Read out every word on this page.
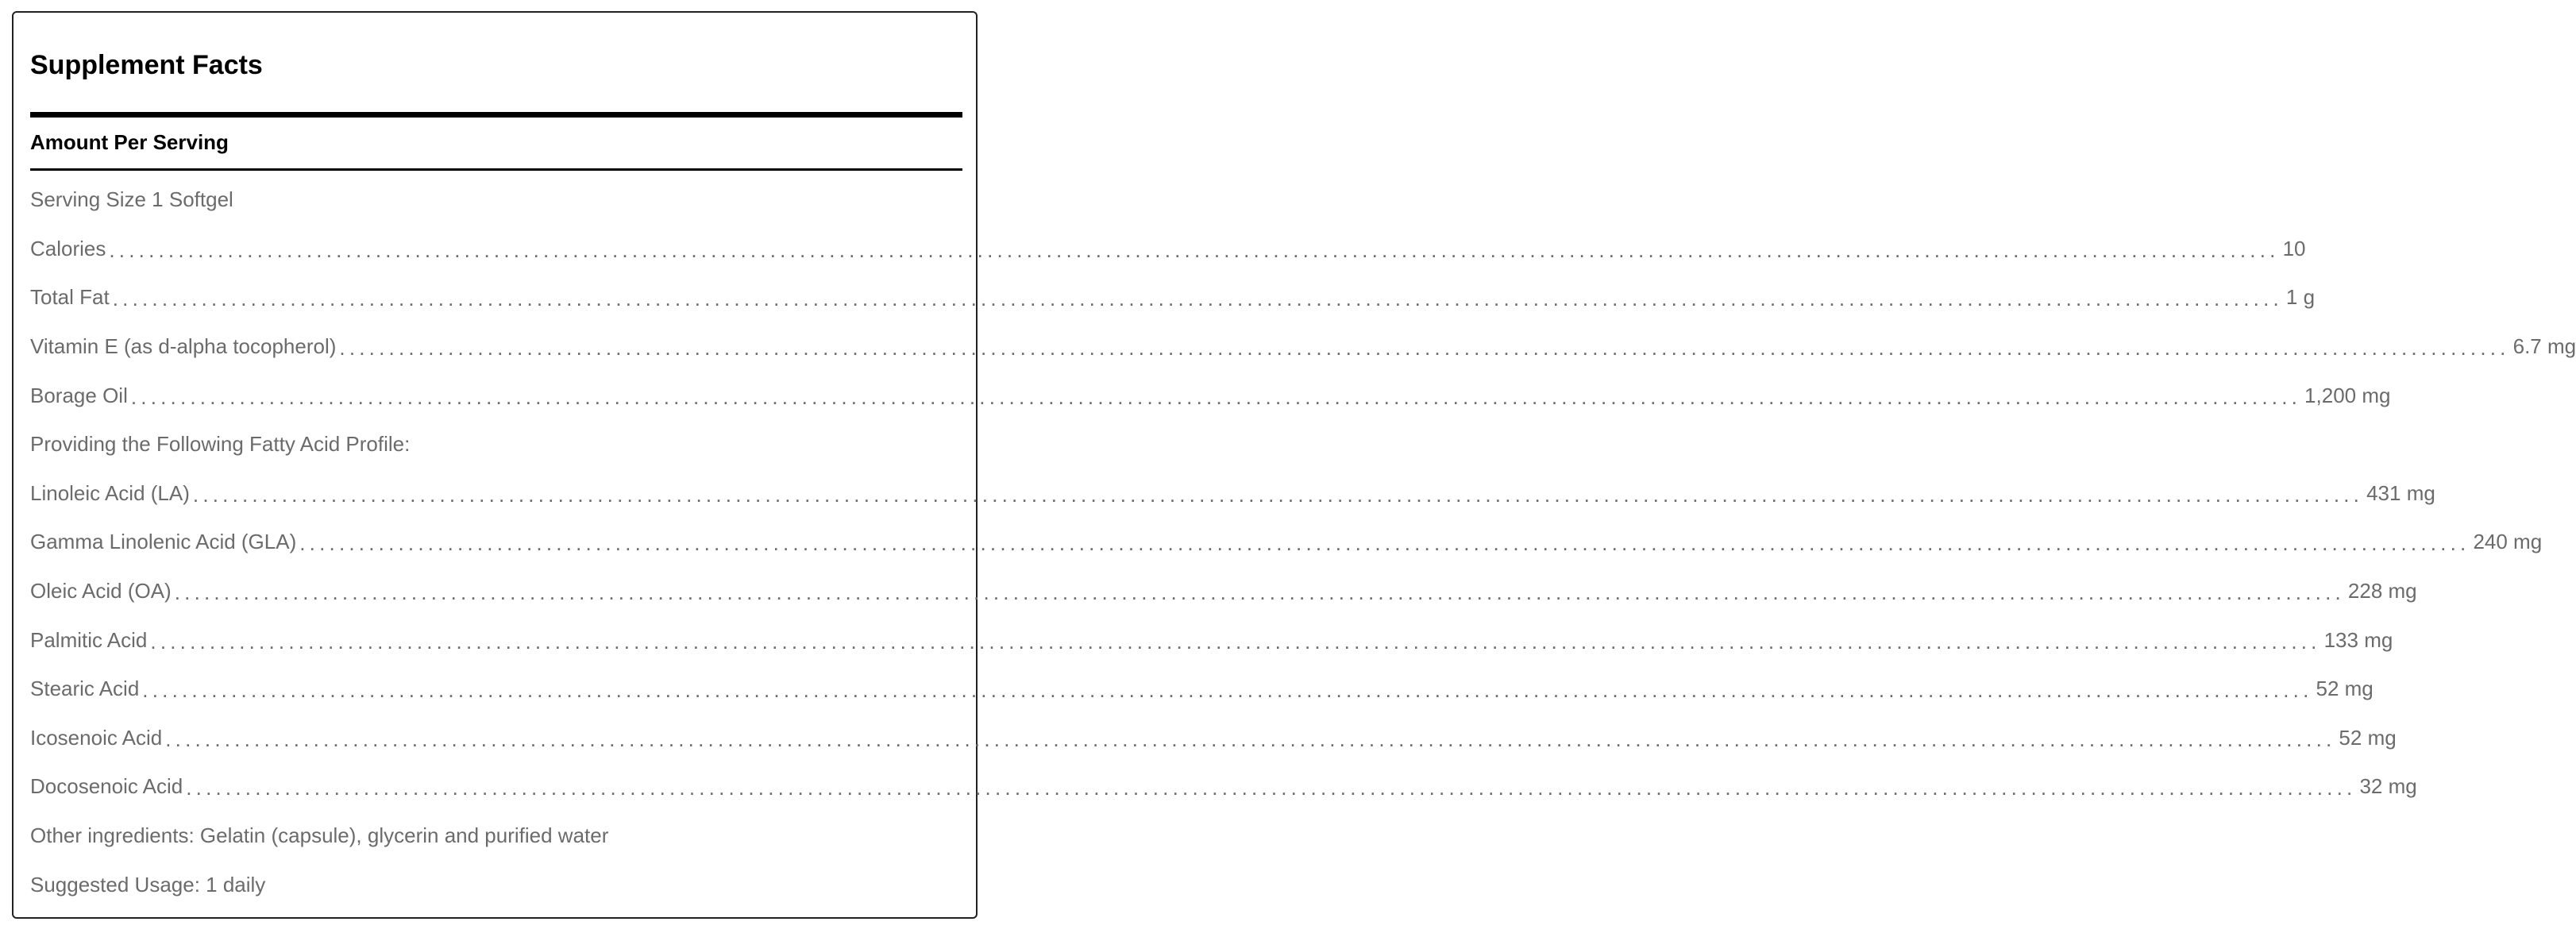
Supplement Facts
Amount Per Serving
Serving Size 1 Softgel
Calories ............................................................................................................................................................................................................................ 10
Total Fat ............................................................................................................................................................................................................................ 1 g
Vitamin E (as d-alpha tocopherol) ............................................................................................................................................................................................................................ 6.7 mg
Borage Oil ............................................................................................................................................................................................................................ 1,200 mg
Providing the Following Fatty Acid Profile:
Linoleic Acid (LA) ............................................................................................................................................................................................................................ 431 mg
Gamma Linolenic Acid (GLA) ............................................................................................................................................................................................................................ 240 mg
Oleic Acid (OA) ............................................................................................................................................................................................................................ 228 mg
Palmitic Acid ............................................................................................................................................................................................................................ 133 mg
Stearic Acid ............................................................................................................................................................................................................................ 52 mg
Icosenoic Acid ............................................................................................................................................................................................................................ 52 mg
Docosenoic Acid ............................................................................................................................................................................................................................ 32 mg
Other ingredients: Gelatin (capsule), glycerin and purified water
Suggested Usage: 1 daily
